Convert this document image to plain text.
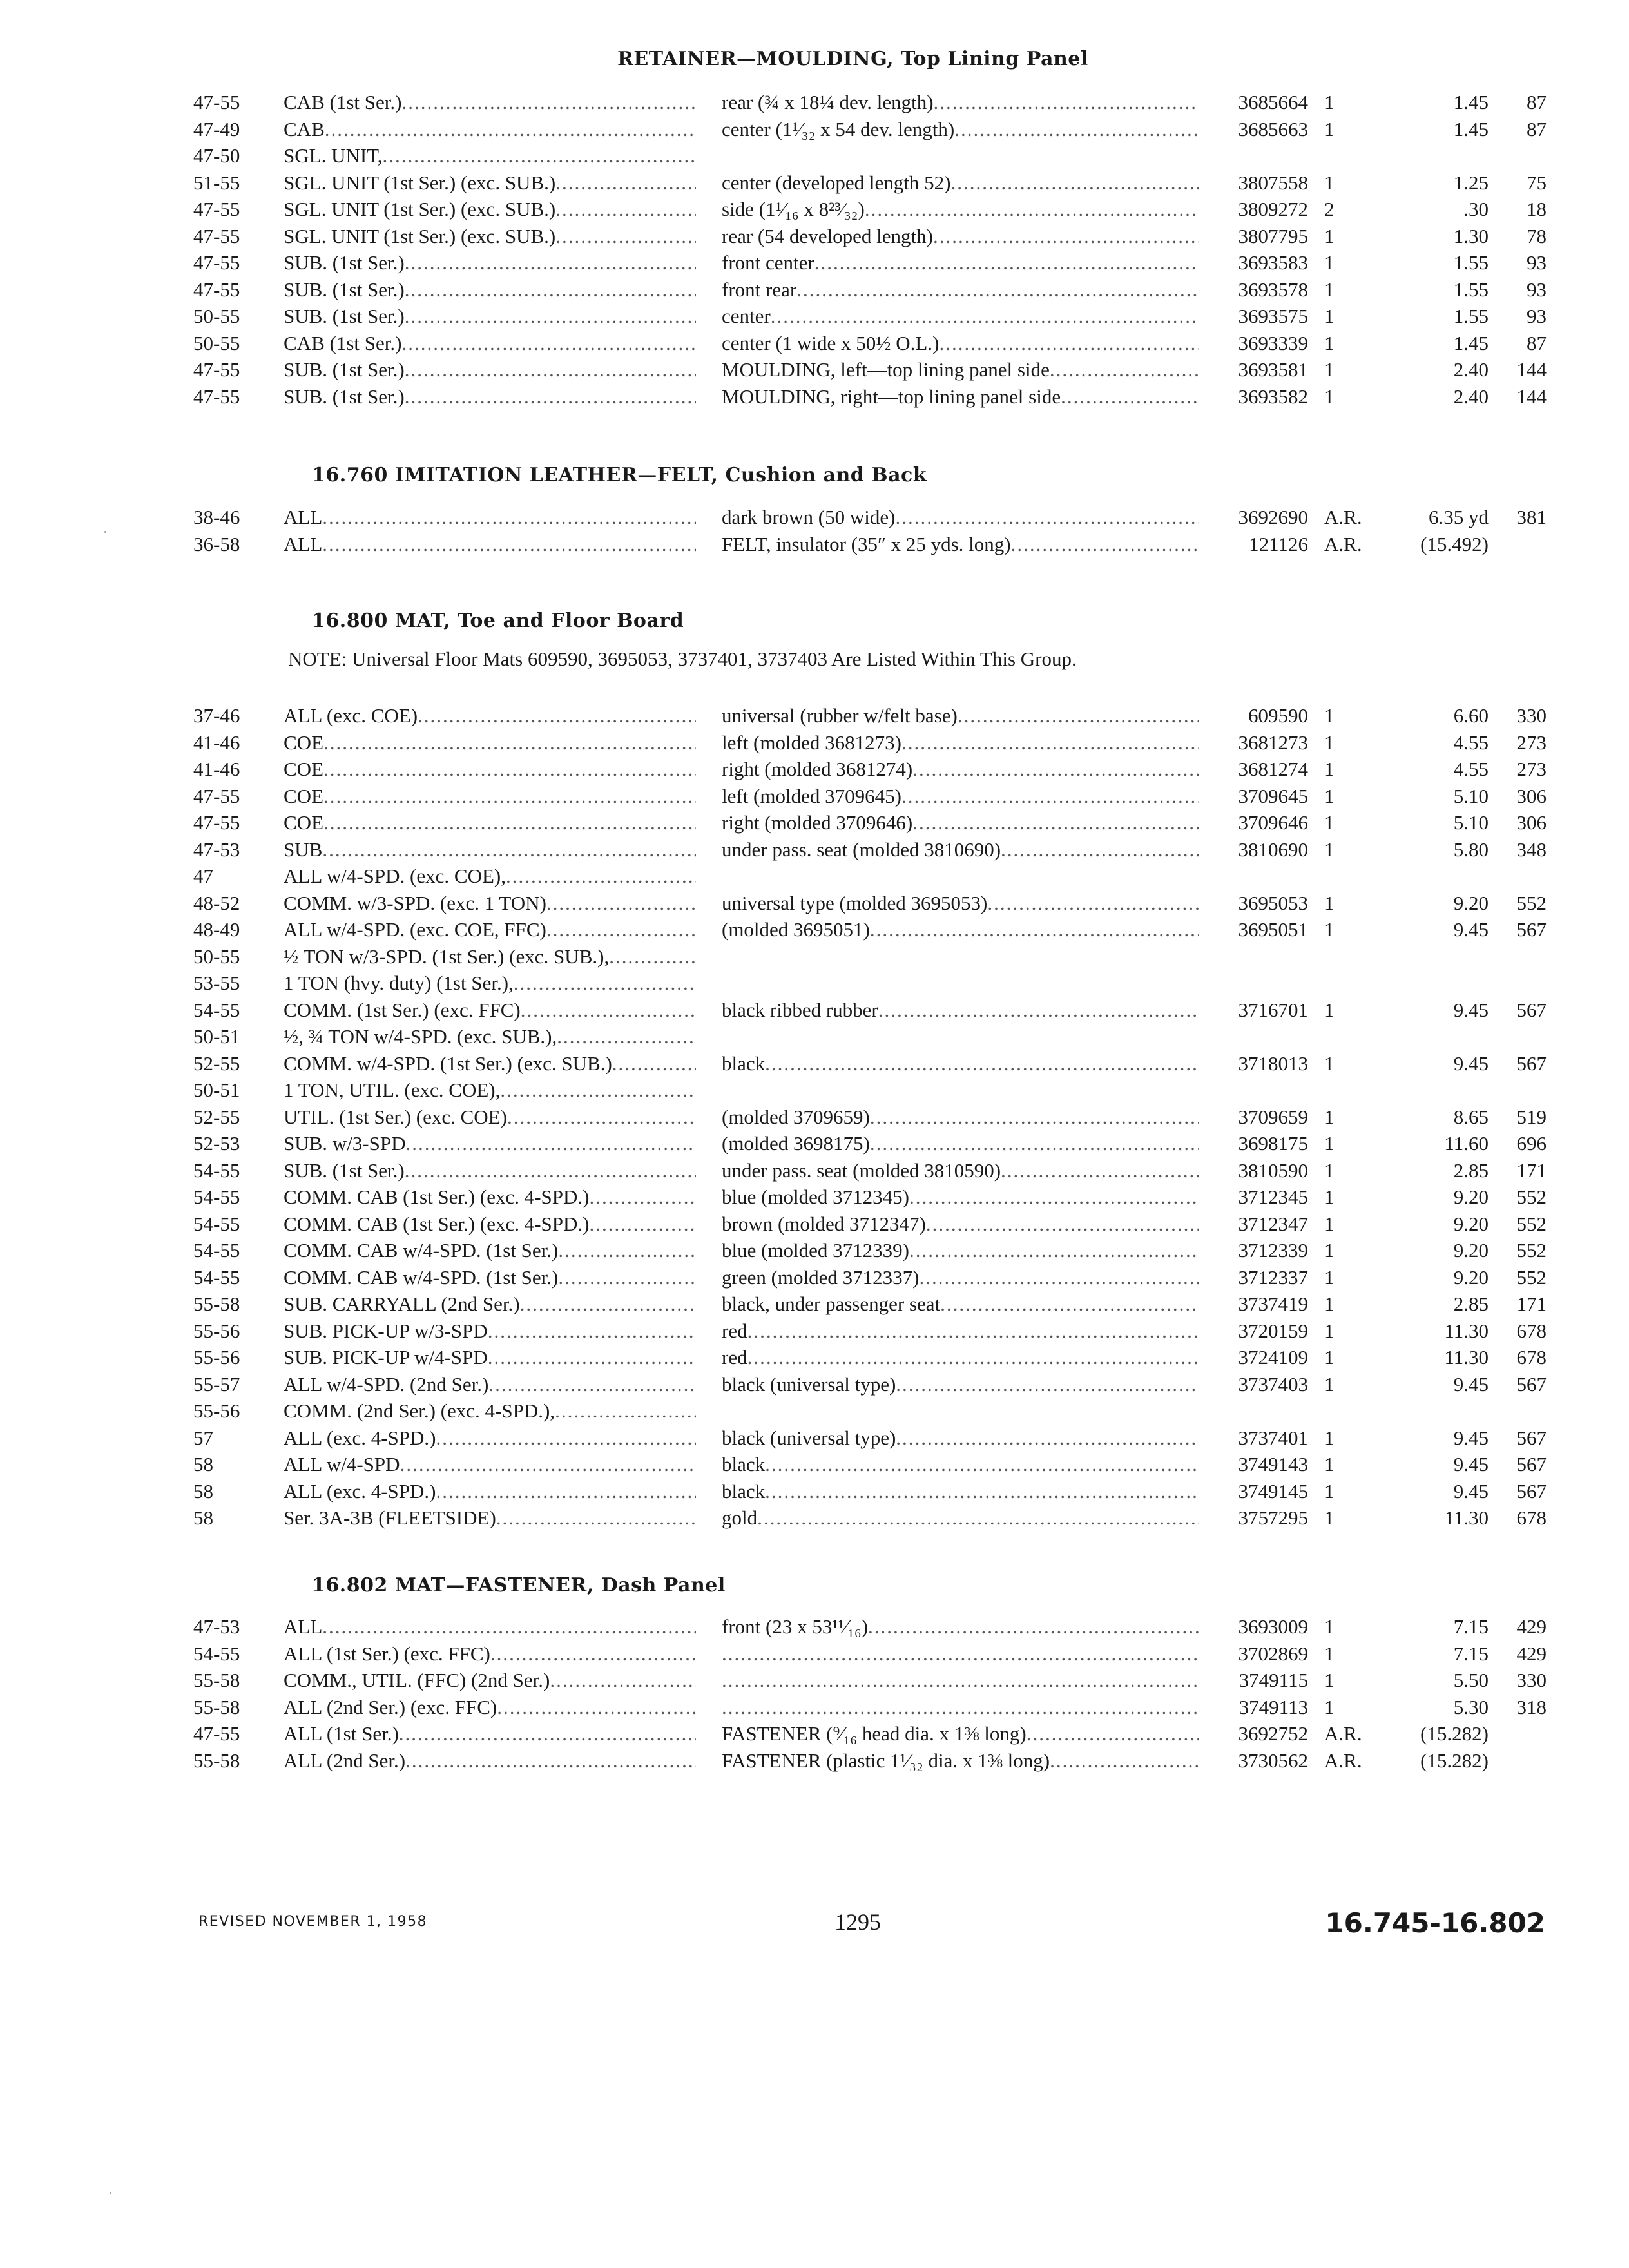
RETAINER—MOULDING, Top Lining Panel
47-55	CAB (1st Ser.) .....	rear (¾ x 18¼ dev. length) .....	3685664 1	1.45	87
47-49	CAB .....	center (1¹⁄₃₂ x 54 dev. length) .....	3685663 1	1.45	87
47-50	SGL. UNIT, .....
51-55	SGL. UNIT (1st Ser.) (exc. SUB.) .....	center (developed length 52) .....	3807558 1	1.25	75
47-55	SGL. UNIT (1st Ser.) (exc. SUB.) .....	side (1¹⁄₁₆ x 8²³⁄₃₂) .....	3809272 2	.30	18
47-55	SGL. UNIT (1st Ser.) (exc. SUB.) .....	rear (54 developed length) .....	3807795 1	1.30	78
47-55	SUB. (1st Ser.) .....	front center .....	3693583 1	1.55	93
47-55	SUB. (1st Ser.) .....	front rear .....	3693578 1	1.55	93
50-55	SUB. (1st Ser.) .....	center .....	3693575 1	1.55	93
50-55	CAB (1st Ser.) .....	center (1 wide x 50½ O.L.) .....	3693339 1	1.45	87
47-55	SUB. (1st Ser.) .....	MOULDING, left—top lining panel side .....	3693581 1	2.40	144
47-55	SUB. (1st Ser.) .....	MOULDING, right—top lining panel side .....	3693582 1	2.40	144
16.760 IMITATION LEATHER—FELT, Cushion and Back
38-46	ALL .....	dark brown (50 wide) .....	3692690 A.R.	6.35 yd	381
36-58	ALL .....	FELT, insulator (35″ x 25 yds. long) .....	121126 A.R.	(15.492)
16.800 MAT, Toe and Floor Board
NOTE: Universal Floor Mats 609590, 3695053, 3737401, 3737403 Are Listed Within This Group.
37-46	ALL (exc. COE) .....	universal (rubber w/felt base) .....	609590 1	6.60	330
41-46	COE .....	left (molded 3681273) .....	3681273 1	4.55	273
41-46	COE .....	right (molded 3681274) .....	3681274 1	4.55	273
47-55	COE .....	left (molded 3709645) .....	3709645 1	5.10	306
47-55	COE .....	right (molded 3709646) .....	3709646 1	5.10	306
47-53	SUB .....	under pass. seat (molded 3810690) .....	3810690 1	5.80	348
47	ALL w/4-SPD. (exc. COE), .....
48-52	COMM. w/3-SPD. (exc. 1 TON) .....	universal type (molded 3695053) .....	3695053 1	9.20	552
48-49	ALL w/4-SPD. (exc. COE, FFC) .....	(molded 3695051) .....	3695051 1	9.45	567
50-55	½ TON w/3-SPD. (1st Ser.) (exc. SUB.), .....
53-55	1 TON (hvy. duty) (1st Ser.), .....
54-55	COMM. (1st Ser.) (exc. FFC) .....	black ribbed rubber .....	3716701 1	9.45	567
50-51	½, ¾ TON w/4-SPD. (exc. SUB.), .....
52-55	COMM. w/4-SPD. (1st Ser.) (exc. SUB.) .....	black .....	3718013 1	9.45	567
50-51	1 TON, UTIL. (exc. COE), .....
52-55	UTIL. (1st Ser.) (exc. COE) .....	(molded 3709659) .....	3709659 1	8.65	519
52-53	SUB. w/3-SPD .....	(molded 3698175) .....	3698175 1	11.60	696
54-55	SUB. (1st Ser.) .....	under pass. seat (molded 3810590) .....	3810590 1	2.85	171
54-55	COMM. CAB (1st Ser.) (exc. 4-SPD.) .....	blue (molded 3712345) .....	3712345 1	9.20	552
54-55	COMM. CAB (1st Ser.) (exc. 4-SPD.) .....	brown (molded 3712347) .....	3712347 1	9.20	552
54-55	COMM. CAB w/4-SPD. (1st Ser.) .....	blue (molded 3712339) .....	3712339 1	9.20	552
54-55	COMM. CAB w/4-SPD. (1st Ser.) .....	green (molded 3712337) .....	3712337 1	9.20	552
55-58	SUB. CARRYALL (2nd Ser.) .....	black, under passenger seat .....	3737419 1	2.85	171
55-56	SUB. PICK-UP w/3-SPD .....	red .....	3720159 1	11.30	678
55-56	SUB. PICK-UP w/4-SPD .....	red .....	3724109 1	11.30	678
55-57	ALL w/4-SPD. (2nd Ser.) .....	black (universal type) .....	3737403 1	9.45	567
55-56	COMM. (2nd Ser.) (exc. 4-SPD.), .....
57	ALL (exc. 4-SPD.) .....	black (universal type) .....	3737401 1	9.45	567
58	ALL w/4-SPD .....	black .....	3749143 1	9.45	567
58	ALL (exc. 4-SPD.) .....	black .....	3749145 1	9.45	567
58	Ser. 3A-3B (FLEETSIDE) .....	gold .....	3757295 1	11.30	678
16.802 MAT—FASTENER, Dash Panel
47-53	ALL .....	front (23 x 53¹¹⁄₁₆) .....	3693009 1	7.15	429
54-55	ALL (1st Ser.) (exc. FFC) ..... .....	3702869 1	7.15	429
55-58	COMM., UTIL. (FFC) (2nd Ser.) ..... .....	3749115 1	5.50	330
55-58	ALL (2nd Ser.) (exc. FFC) ..... .....	3749113 1	5.30	318
47-55	ALL (1st Ser.) .....	FASTENER (⁹⁄₁₆ head dia. x 1⅜ long) .....	3692752 A.R.	(15.282)
55-58	ALL (2nd Ser.) .....	FASTENER (plastic 1¹⁄₃₂ dia. x 1⅜ long) .....	3730562 A.R.	(15.282)
REVISED NOVEMBER 1, 1958	1295	16.745-16.802
